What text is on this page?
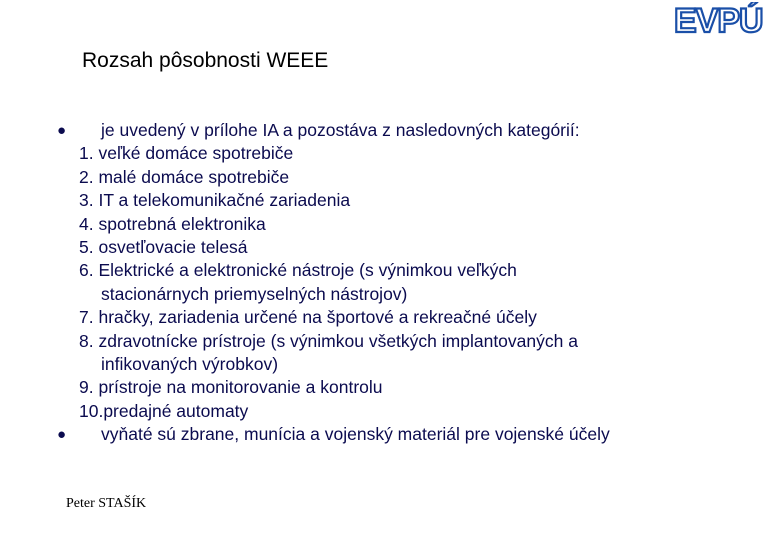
EVPÚ
Rozsah pôsobnosti WEEE
● je uvedený v prílohe IA a pozostáva z nasledovných kategórií:
1. veľké domáce spotrebiče
2. malé domáce spotrebiče
3. IT a telekomunikačné zariadenia
4. spotrebná elektronika
5. osvetľovacie telesá
6. Elektrické a elektronické nástroje (s výnimkou veľkých
stacionárnych priemyselných nástrojov)
7. hračky, zariadenia určené na športové a rekreačné účely
8. zdravotnícke prístroje (s výnimkou všetkých implantovaných a
infikovaných výrobkov)
9. prístroje na monitorovanie a kontrolu
10.predajné automaty
● vyňaté sú zbrane, munícia a vojenský materiál pre vojenské účely
Peter STAŠÍK
